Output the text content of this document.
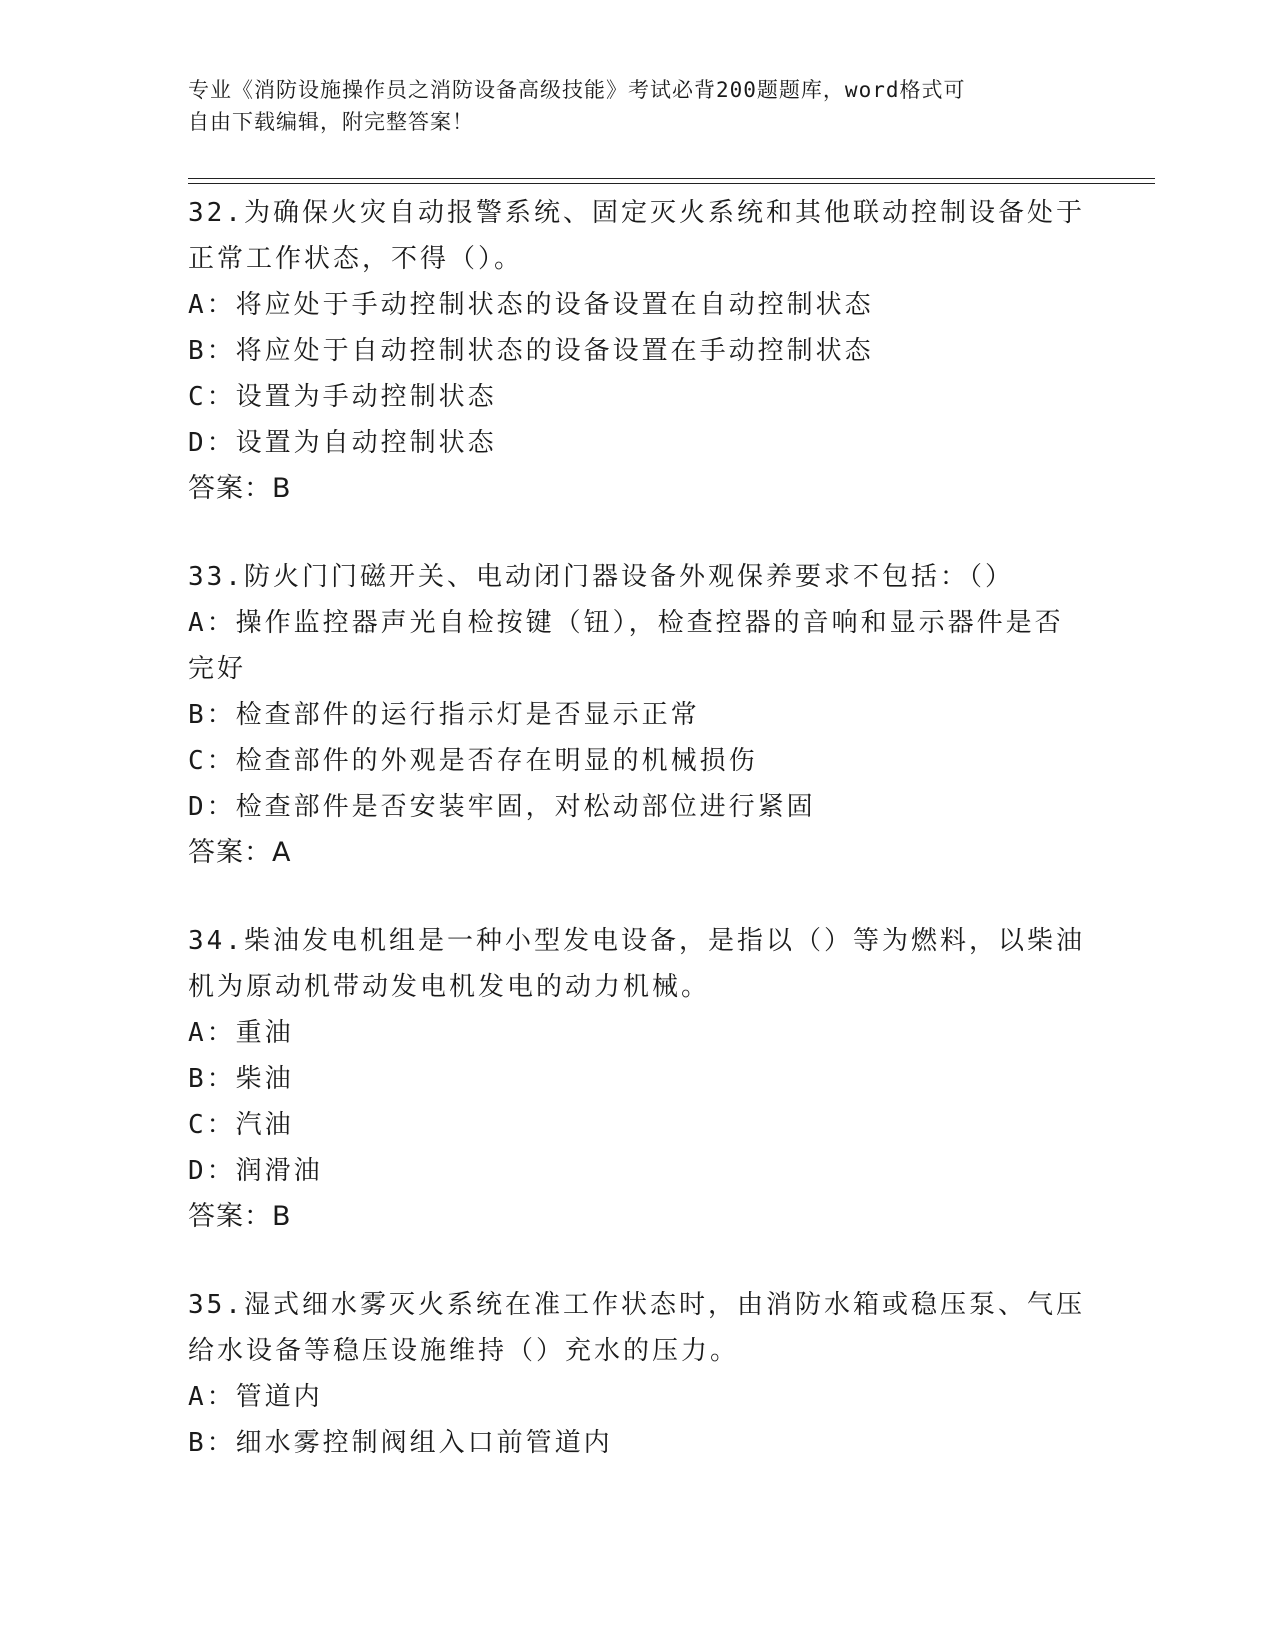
专业《消防设施操作员之消防设备高级技能》考试必背200题题库，word格式可
自由下载编辑，附完整答案！

32.为确保火灾自动报警系统、固定灭火系统和其他联动控制设备处于正常工作状态，不得（）。

A：将应处于手动控制状态的设备设置在自动控制状态

B：将应处于自动控制状态的设备设置在手动控制状态

C：设置为手动控制状态

D：设置为自动控制状态

答案：B

33.防火门门磁开关、电动闭门器设备外观保养要求不包括：（）

A：操作监控器声光自检按键（钮），检查控器的音响和显示器件是否完好

B：检查部件的运行指示灯是否显示正常

C：检查部件的外观是否存在明显的机械损伤

D：检查部件是否安装牢固，对松动部位进行紧固

答案：A

34.柴油发电机组是一种小型发电设备，是指以（）等为燃料，以柴油机为原动机带动发电机发电的动力机械。

A：重油

B：柴油

C：汽油

D：润滑油

答案：B

35.湿式细水雾灭火系统在准工作状态时，由消防水箱或稳压泵、气压给水设备等稳压设施维持（）充水的压力。

A：管道内

B：细水雾控制阀组入口前管道内
